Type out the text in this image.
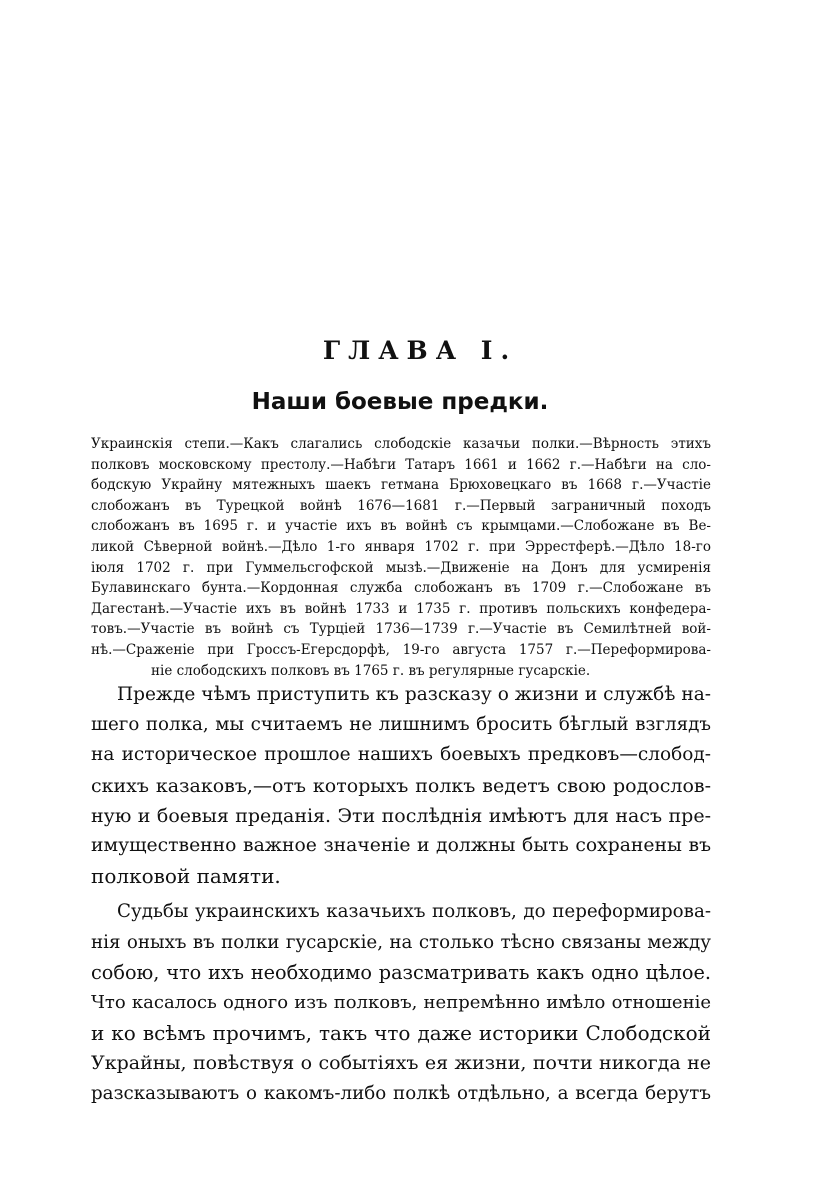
ГЛАВА I.
Наши боевые предки.
Украинскія степи.—Какъ слагались слободскіе казачьи полки.—Вѣрность этихъ
полковъ московскому престолу.—Набѣги Татаръ 1661 и 1662 г.—Набѣги на сло-
бодскую Украйну мятежныхъ шаекъ гетмана Брюховецкаго въ 1668 г.—Участіе
слобожанъ въ Турецкой войнѣ 1676—1681 г.—Первый заграничный походъ
слобожанъ въ 1695 г. и участіе ихъ въ войнѣ съ крымцами.—Слобожане въ Ве-
ликой Сѣверной войнѣ.—Дѣло 1-го января 1702 г. при Эррестферѣ.—Дѣло 18-го
іюля 1702 г. при Гуммельсгофской мызѣ.—Движеніе на Донъ для усмиренія
Булавинскаго бунта.—Кордонная служба слобожанъ въ 1709 г.—Слобожане въ
Дагестанѣ.—Участіе ихъ въ войнѣ 1733 и 1735 г. противъ польскихъ конфедера-
товъ.—Участіе въ войнѣ съ Турціей 1736—1739 г.—Участіе въ Семилѣтней вой-
нѣ.—Сраженіе при Гроссъ-Егерсдорфѣ, 19-го августа 1757 г.—Переформирова-
ніе слободскихъ полковъ въ 1765 г. въ регулярные гусарскіе.
Прежде чѣмъ приступить къ разсказу о жизни и службѣ на-
шего полка, мы считаемъ не лишнимъ бросить бѣглый взглядъ
на историческое прошлое нашихъ боевыхъ предковъ—слобод-
скихъ казаковъ,—отъ которыхъ полкъ ведетъ свою родослов-
ную и боевыя преданія. Эти послѣднія имѣютъ для насъ пре-
имущественно важное значеніе и должны быть сохранены въ
полковой памяти.
Судьбы украинскихъ казачьихъ полковъ, до переформирова-
нія оныхъ въ полки гусарскіе, на столько тѣсно связаны между
собою, что ихъ необходимо разсматривать какъ одно цѣлое.
Что касалось одного изъ полковъ, непремѣнно имѣло отношеніе
и ко всѣмъ прочимъ, такъ что даже историки Слободской
Украйны, повѣствуя о событіяхъ ея жизни, почти никогда не
разсказываютъ о какомъ-либо полкѣ отдѣльно, а всегда берутъ
